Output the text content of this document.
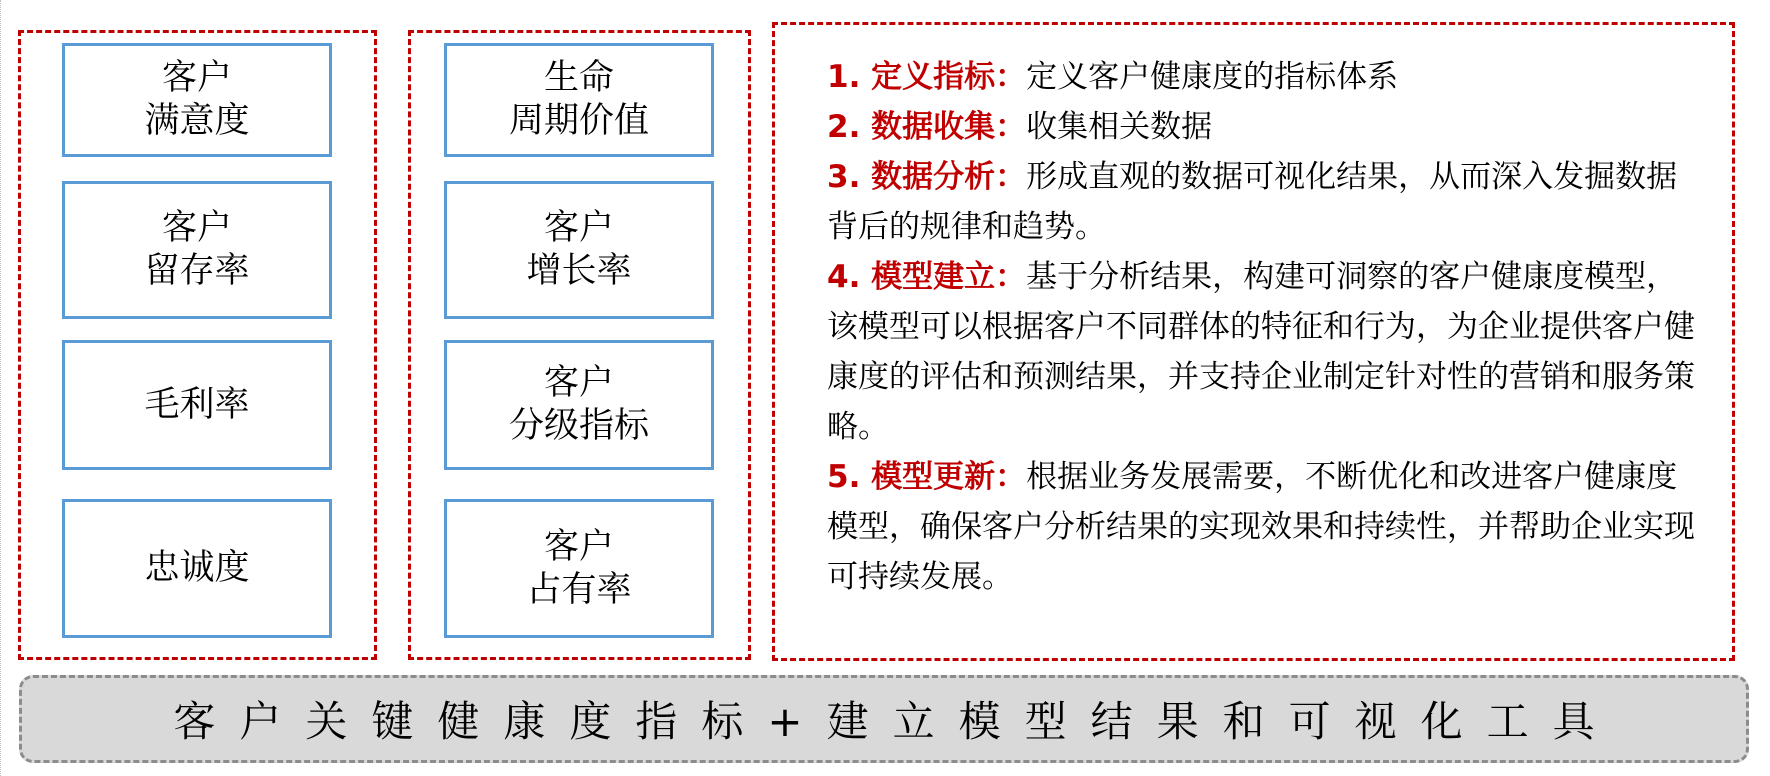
客户
满意度
客户
留存率
毛利率
忠诚度
生命
周期价值
客户
增长率
客户
分级指标
客户
占有率

1. 定义指标：定义客户健康度的指标体系

2. 数据收集：收集相关数据

3. 数据分析：形成直观的数据可视化结果，从而深入发掘数据背后的规律和趋势。

4. 模型建立：基于分析结果，构建可洞察的客户健康度模型，该模型可以根据客户不同群体的特征和行为，为企业提供客户健康度的评估和预测结果，并支持企业制定针对性的营销和服务策略。

5. 模型更新：根据业务发展需要，不断优化和改进客户健康度模型，确保客户分析结果的实现效果和持续性，并帮助企业实现可持续发展。

客户关键健康度指标+建立模型结果和可视化工具
